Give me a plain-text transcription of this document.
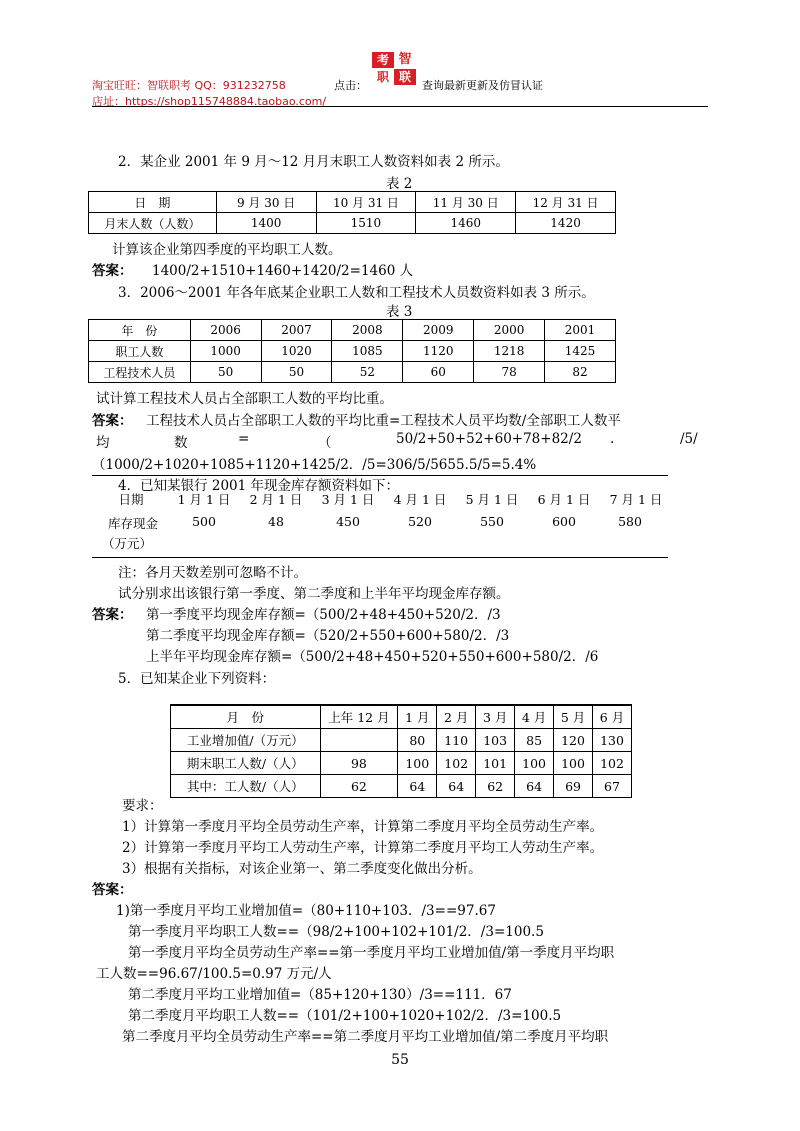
淘宝旺旺：智联职考 QQ：931232758
店址：https://shop115748884.taobao.com/
点击：
考 智
职 联
查询最新更新及仿冒认证
2．某企业 2001 年 9 月～12 月月末职工人数资料如表 2 所示。
表 2
日　期	9 月 30 日	10 月 31 日	11 月 30 日	12 月 31 日
月末人数（人数）	1400	1510	1460	1420
计算该企业第四季度的平均职工人数。
答案： 1400/2+1510+1460+1420/2=1460 人
3．2006～2001 年各年底某企业职工人数和工程技术人员数资料如表 3 所示。
表 3
年　份	2006	2007	2008	2009	2000	2001
职工人数	1000	1020	1085	1120	1218	1425
工程技术人员	50	50	52	60	78	82
试计算工程技术人员占全部职工人数的平均比重。
答案： 工程技术人员占全部职工人数的平均比重=工程技术人员平均数/全部职工人数平
均	数	=	（	50/2+50+52+60+78+82/2 .	/5/
（1000/2+1020+1085+1120+1425/2．/5=306/5/5655.5/5=5.4%
4．已知某银行 2001 年现金库存额资料如下：
日期	1 月 1 日	2 月 1 日	3 月 1 日	4 月 1 日	5 月 1 日	6 月 1 日	7 月 1 日
库存现金	500	48	450	520	550	600	580
（万元）
注：各月天数差别可忽略不计。
试分别求出该银行第一季度、第二季度和上半年平均现金库存额。
答案： 第一季度平均现金库存额=（500/2+48+450+520/2．/3
第二季度平均现金库存额=（520/2+550+600+580/2．/3
上半年平均现金库存额=（500/2+48+450+520+550+600+580/2．/6
5．已知某企业下列资料：
月　份	上年 12 月	1 月	2 月	3 月	4 月	5 月	6 月
工业增加值/（万元）		80	110	103	85	120	130
期末职工人数/（人）	98	100	102	101	100	100	102
其中：工人数/（人）	62	64	64	62	64	69	67
要求：
1）计算第一季度月平均全员劳动生产率，计算第二季度月平均全员劳动生产率。
2）计算第一季度月平均工人劳动生产率，计算第二季度月平均工人劳动生产率。
3）根据有关指标，对该企业第一、第二季度变化做出分析。
答案：
1)第一季度月平均工业增加值=（80+110+103．/3==97.67
第一季度月平均职工人数==（98/2+100+102+101/2．/3=100.5
第一季度月平均全员劳动生产率==第一季度月平均工业增加值/第一季度月平均职
工人数==96.67/100.5=0.97 万元/人
第二季度月平均工业增加值=（85+120+130）/3==111．67
第二季度月平均职工人数==（101/2+100+1020+102/2．/3=100.5
第二季度月平均全员劳动生产率==第二季度月平均工业增加值/第二季度月平均职
55
